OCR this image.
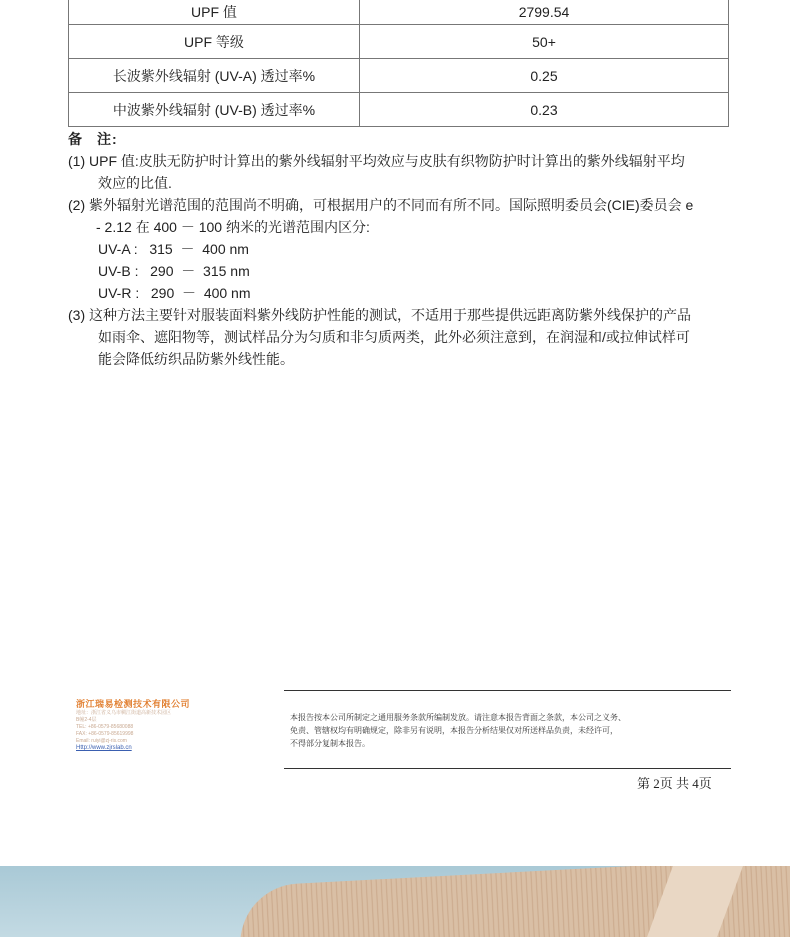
UPF 值	2799.54
UPF 等级	50+
长波紫外线辐射 (UV-A) 透过率%	0.25
中波紫外线辐射 (UV-B) 透过率%	0.23

备 注:

(1) UPF 值:皮肤无防护时计算出的紫外线辐射平均效应与皮肤有织物防护时计算出的紫外线辐射平均

效应的比值.

(2) 紫外辐射光谱范围的范围尚不明确，可根据用户的不同而有所不同。国际照明委员会(CIE)委员会 e

- 2.12 在 400 － 100 纳米的光谱范围内区分:

UV-A :   315  －  400 nm

UV-B :   290  －  315 nm

UV-R :   290  －  400 nm

(3) 这种方法主要针对服装面料紫外线防护性能的测试，不适用于那些提供远距离防紫外线保护的产品

如雨伞、遮阳物等，测试样品分为匀质和非匀质两类，此外必须注意到，在润湿和/或拉伸试样可

能会降低纺织品防紫外线性能。

浙江瑞易检测技术有限公司
地址：浙江省义乌市稠江街道高新技术园区
B幢2-4层
TEL: +86-0579-85680088
FAX: +86-0579-85619998
Email: ruiyi@zj-ris.com
Http://www.zjrslab.cn
本报告按本公司所制定之通用服务条款所编制发放。请注意本报告背面之条款，本公司之义务、
免责、管辖权均有明确规定，除非另有说明，本报告分析结果仅对所送样品负责，未经许可，
不得部分复制本报告。
第 2页 共 4页
